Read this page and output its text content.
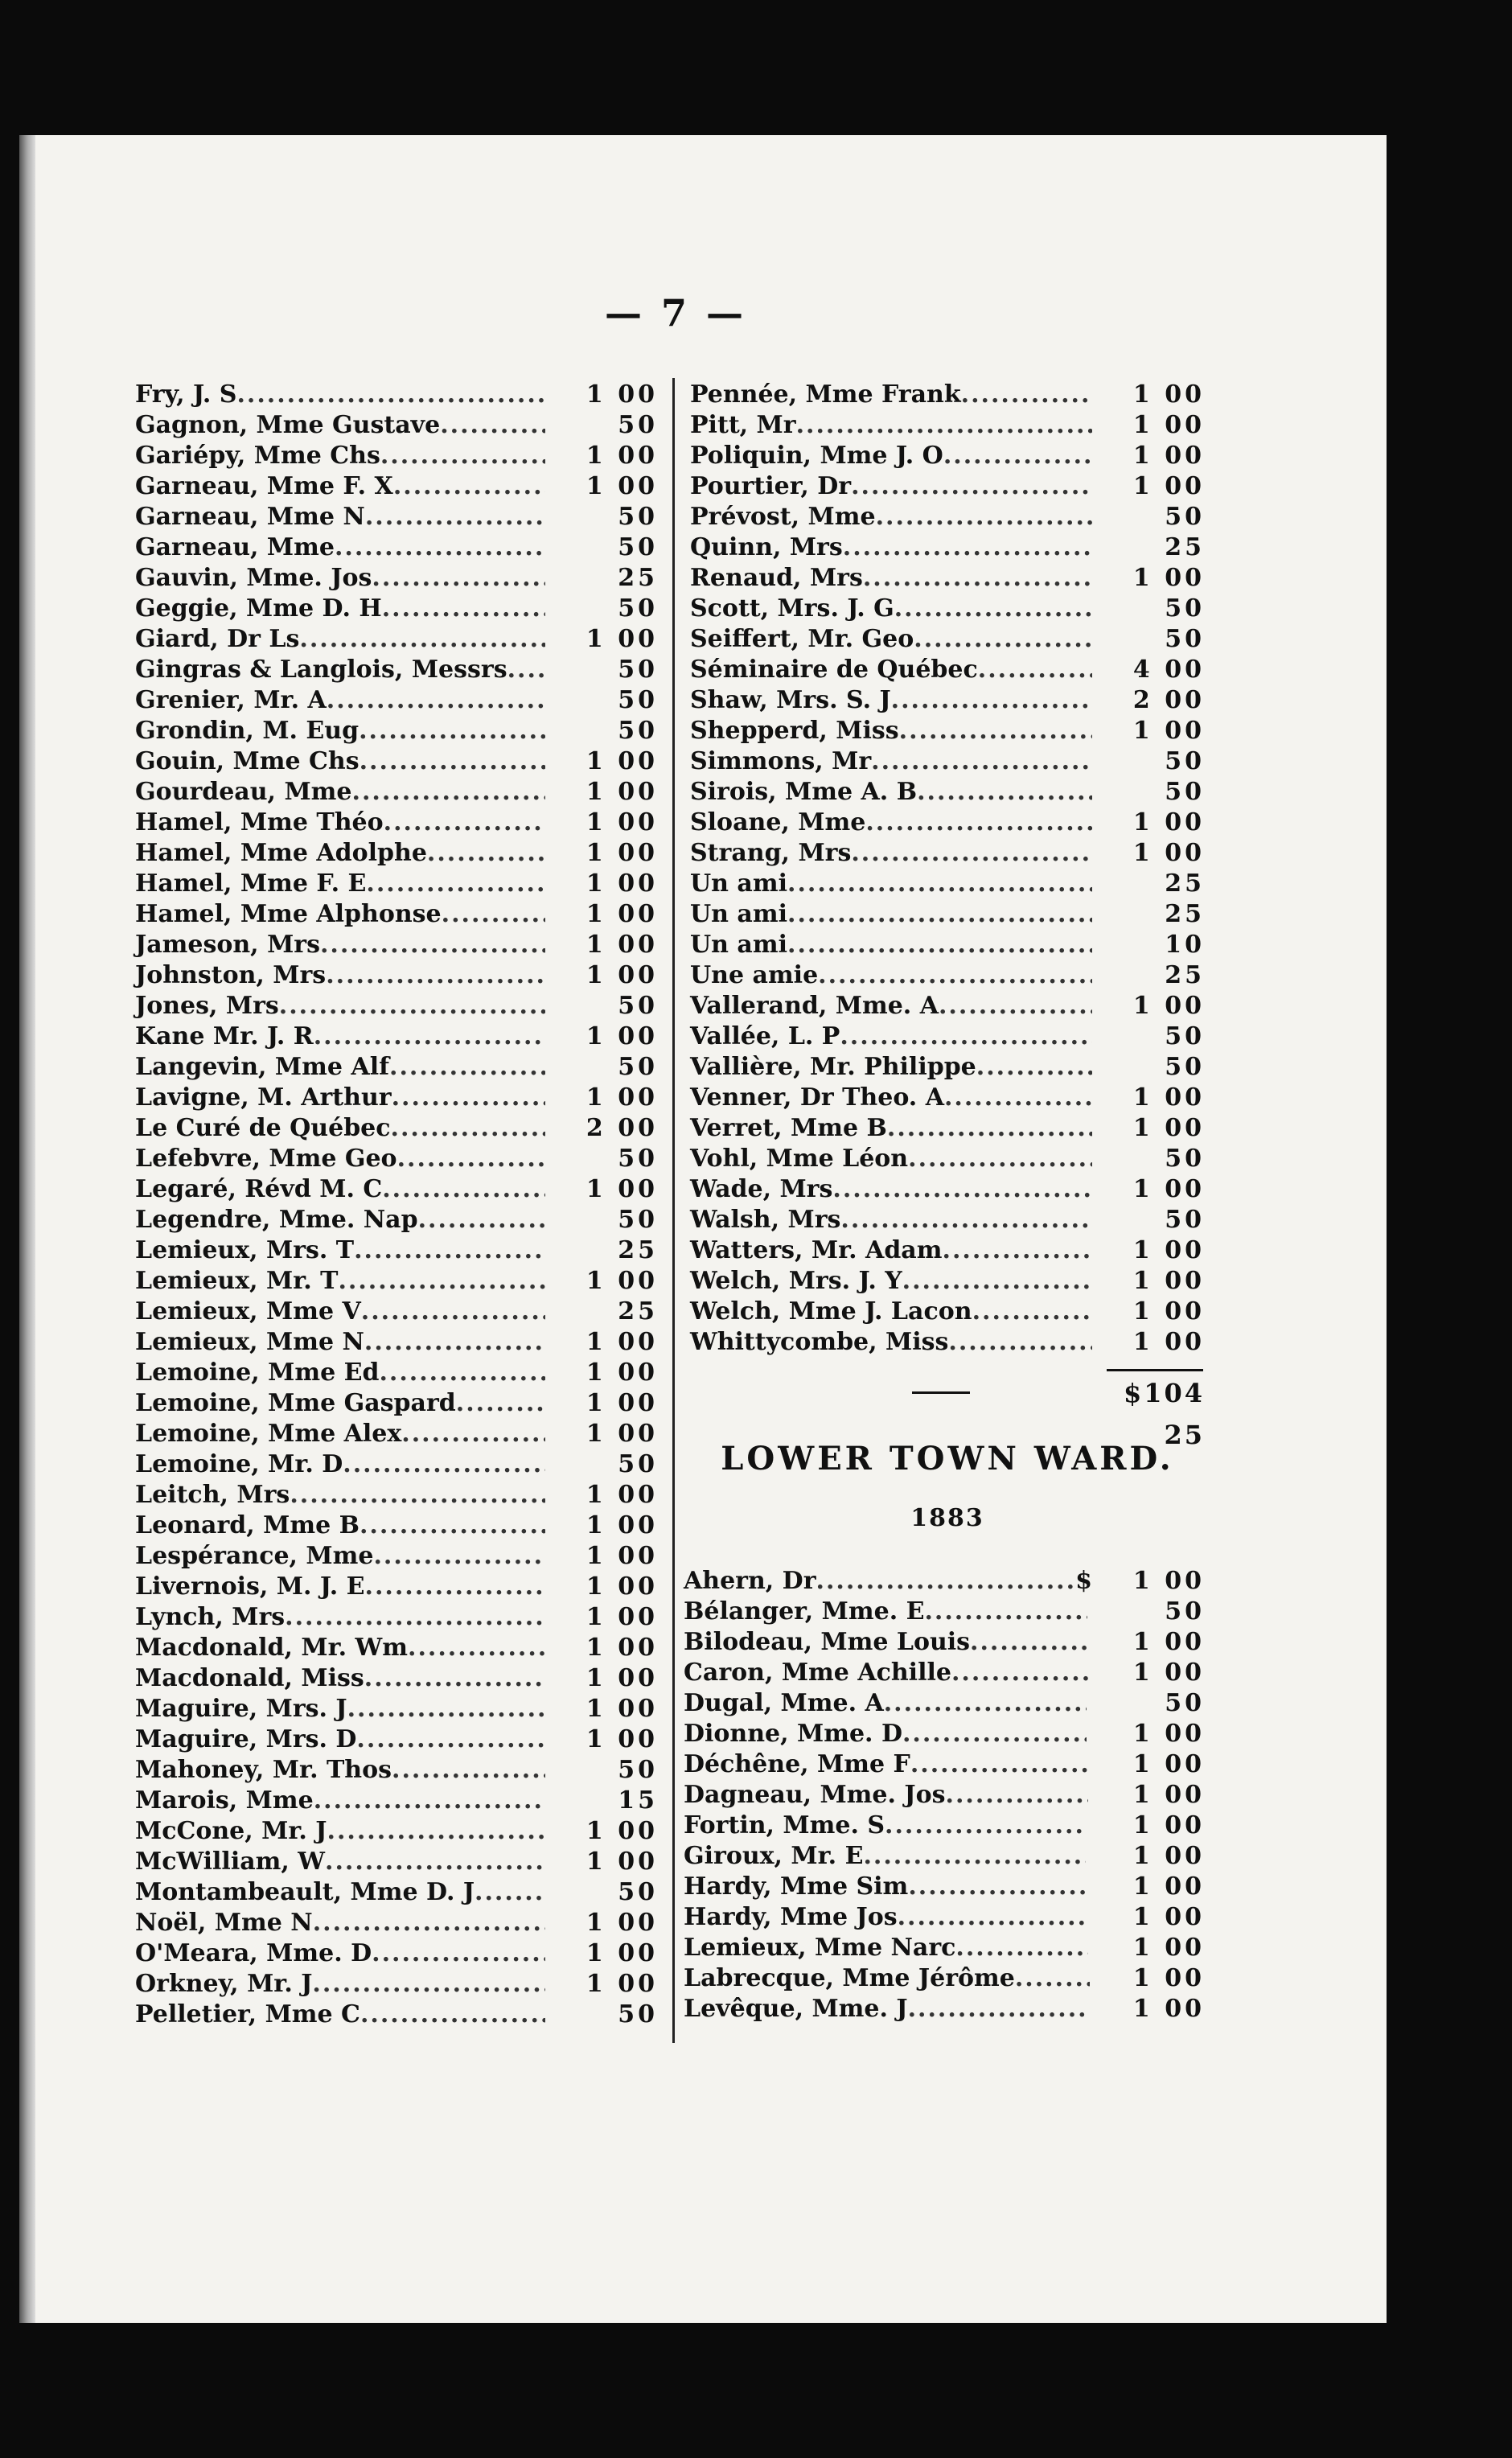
— 7 —
Fry, J. S .....	1 00
Gagnon, Mme Gustave .....	50
Gariépy, Mme Chs .....	1 00
Garneau, Mme F. X .....	1 00
Garneau, Mme N .....	50
Garneau, Mme .....	50
Gauvin, Mme. Jos .....	25
Geggie, Mme D. H .....	50
Giard, Dr Ls .....	1 00
Gingras & Langlois, Messrs .....	50
Grenier, Mr. A .....	50
Grondin, M. Eug .....	50
Gouin, Mme Chs .....	1 00
Gourdeau, Mme .....	1 00
Hamel, Mme Théo .....	1 00
Hamel, Mme Adolphe .....	1 00
Hamel, Mme F. E .....	1 00
Hamel, Mme Alphonse .....	1 00
Jameson, Mrs .....	1 00
Johnston, Mrs .....	1 00
Jones, Mrs .....	50
Kane Mr. J. R .....	1 00
Langevin, Mme Alf .....	50
Lavigne, M. Arthur .....	1 00
Le Curé de Québec .....	2 00
Lefebvre, Mme Geo .....	50
Legaré, Révd M. C .....	1 00
Legendre, Mme. Nap .....	50
Lemieux, Mrs. T .....	25
Lemieux, Mr. T .....	1 00
Lemieux, Mme V .....	25
Lemieux, Mme N .....	1 00
Lemoine, Mme Ed .....	1 00
Lemoine, Mme Gaspard .....	1 00
Lemoine, Mme Alex .....	1 00
Lemoine, Mr. D .....	50
Leitch, Mrs .....	1 00
Leonard, Mme B .....	1 00
Lespérance, Mme .....	1 00
Livernois, M. J. E .....	1 00
Lynch, Mrs .....	1 00
Macdonald, Mr. Wm .....	1 00
Macdonald, Miss .....	1 00
Maguire, Mrs. J .....	1 00
Maguire, Mrs. D .....	1 00
Mahoney, Mr. Thos .....	50
Marois, Mme .....	15
McCone, Mr. J .....	1 00
McWilliam, W .....	1 00
Montambeault, Mme D. J .....	50
Noël, Mme N .....	1 00
O'Meara, Mme. D .....	1 00
Orkney, Mr. J .....	1 00
Pelletier, Mme C .....	50
Pennée, Mme Frank .....	1 00
Pitt, Mr .....	1 00
Poliquin, Mme J. O .....	1 00
Pourtier, Dr .....	1 00
Prévost, Mme .....	50
Quinn, Mrs .....	25
Renaud, Mrs .....	1 00
Scott, Mrs. J. G .....	50
Seiffert, Mr. Geo .....	50
Séminaire de Québec .....	4 00
Shaw, Mrs. S. J .....	2 00
Shepperd, Miss .....	1 00
Simmons, Mr .....	50
Sirois, Mme A. B .....	50
Sloane, Mme .....	1 00
Strang, Mrs .....	1 00
Un ami .....	25
Un ami .....	25
Un ami .....	10
Une amie .....	25
Vallerand, Mme. A .....	1 00
Vallée, L. P .....	50
Vallière, Mr. Philippe .....	50
Venner, Dr Theo. A .....	1 00
Verret, Mme B .....	1 00
Vohl, Mme Léon .....	50
Wade, Mrs .....	1 00
Walsh, Mrs .....	50
Watters, Mr. Adam .....	1 00
Welch, Mrs. J. Y .....	1 00
Welch, Mme J. Lacon .....	1 00
Whittycombe, Miss .....	1 00
$104 25
LOWER TOWN WARD.
1883
Ahern, Dr .....	$	1 00
Bélanger, Mme. E .....	50
Bilodeau, Mme Louis .....	1 00
Caron, Mme Achille .....	1 00
Dugal, Mme. A .....	50
Dionne, Mme. D .....	1 00
Déchêne, Mme F .....	1 00
Dagneau, Mme. Jos .....	1 00
Fortin, Mme. S .....	1 00
Giroux, Mr. E .....	1 00
Hardy, Mme Sim .....	1 00
Hardy, Mme Jos .....	1 00
Lemieux, Mme Narc .....	1 00
Labrecque, Mme Jérôme .....	1 00
Levêque, Mme. J .....	1 00
